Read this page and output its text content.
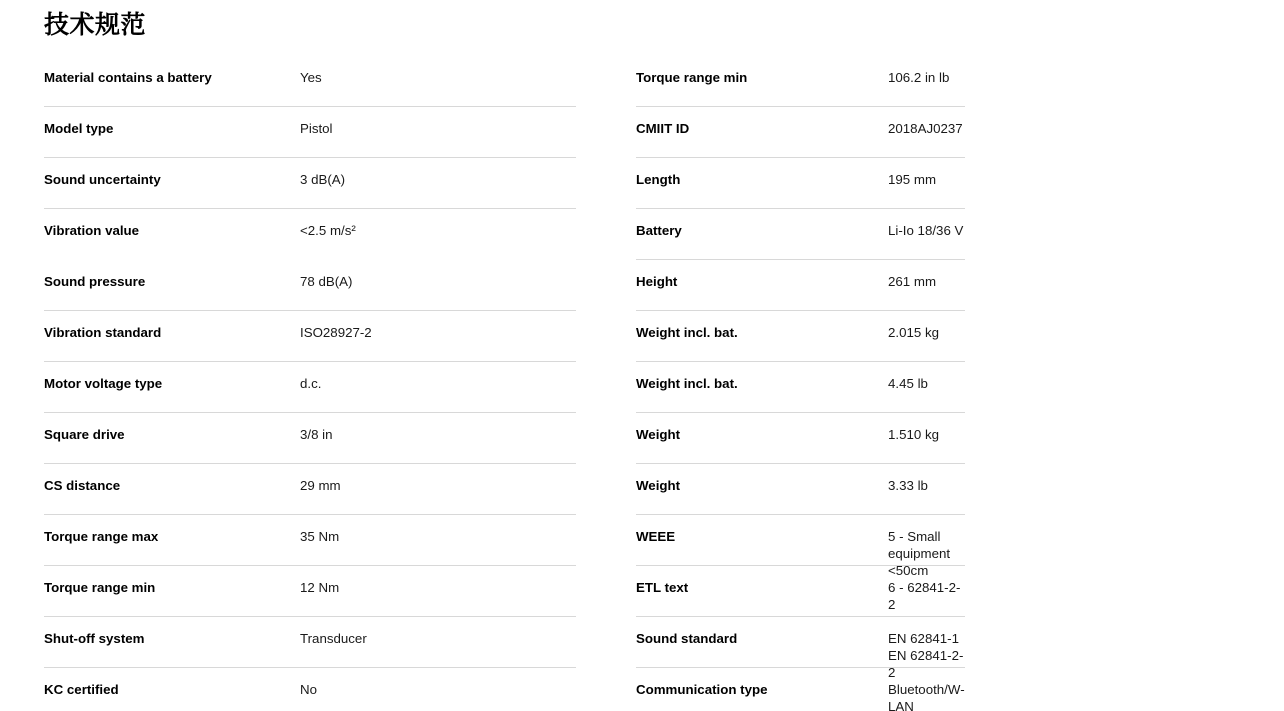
技术规范
Material contains a battery	Yes
Model type	Pistol
Sound uncertainty	3 dB(A)
Vibration value	<2.5 m/s²
Sound pressure	78 dB(A)
Vibration standard	ISO28927-2
Motor voltage type	d.c.
Square drive	3/8 in
CS distance	29 mm
Torque range max	35 Nm
Torque range min	12 Nm
Shut-off system	Transducer
KC certified	No
Torque range min	106.2 in lb
CMIIT ID	2018AJ0237
Length	195 mm
Battery	Li-Io 18/36 V
Height	261 mm
Weight incl. bat.	2.015 kg
Weight incl. bat.	4.45 lb
Weight	1.510 kg
Weight	3.33 lb
WEEE	5 - Small equipment <50cm
ETL text	6 - 62841-2-2
Sound standard	EN 62841-1 EN 62841-2-2
Communication type	Bluetooth/W-LAN
